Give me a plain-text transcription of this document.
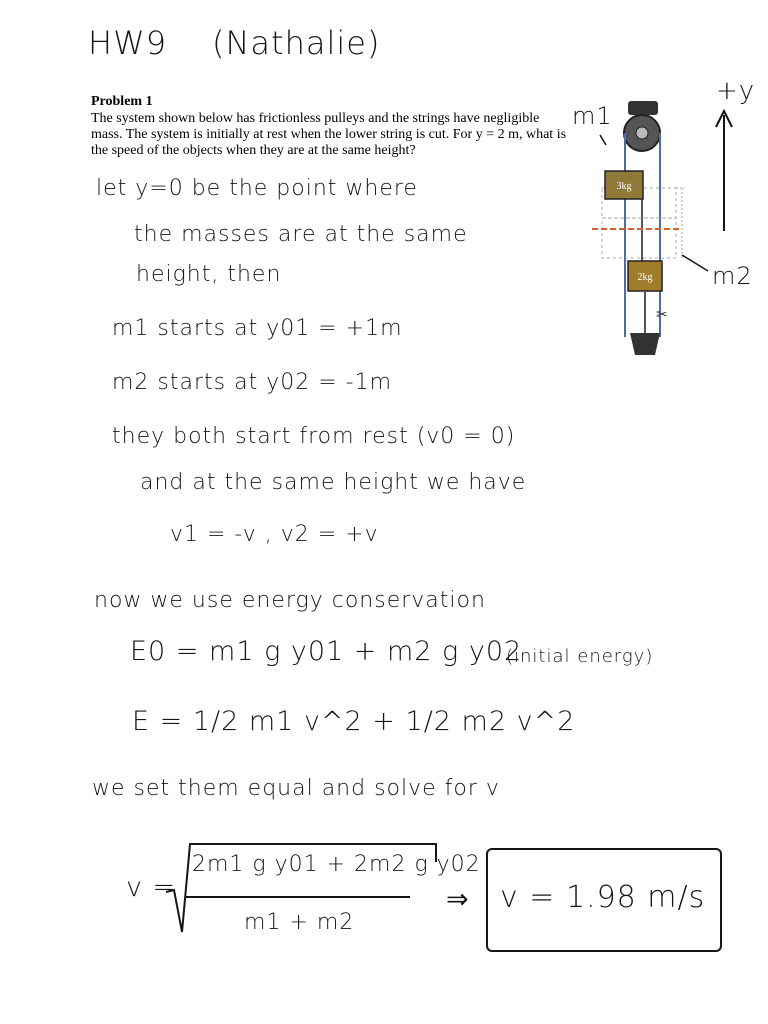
HW9 (Nathalie)
Problem 1
The system shown below has frictionless pulleys and the strings have negligible mass. The system is initially at rest when the lower string is cut. For y = 2 m, what is the speed of the objects when they are at the same height?
3kg
2kg
✂
+y
m1
m2
let y=0 be the point where
the masses are at the same
height, then
m1 starts at y01 = +1m
m2 starts at y02 = -1m
they both start from rest (v0 = 0)
and at the same height we have
v1 = -v , v2 = +v
now we use energy conservation
E0 = m1 g y01 + m2 g y02
(initial energy)
E = 1/2 m1 v^2 + 1/2 m2 v^2
we set them equal and solve for v
v =
2m1 g y01 + 2m2 g y02
m1 + m2
⇒ v = 1.98 m/s
